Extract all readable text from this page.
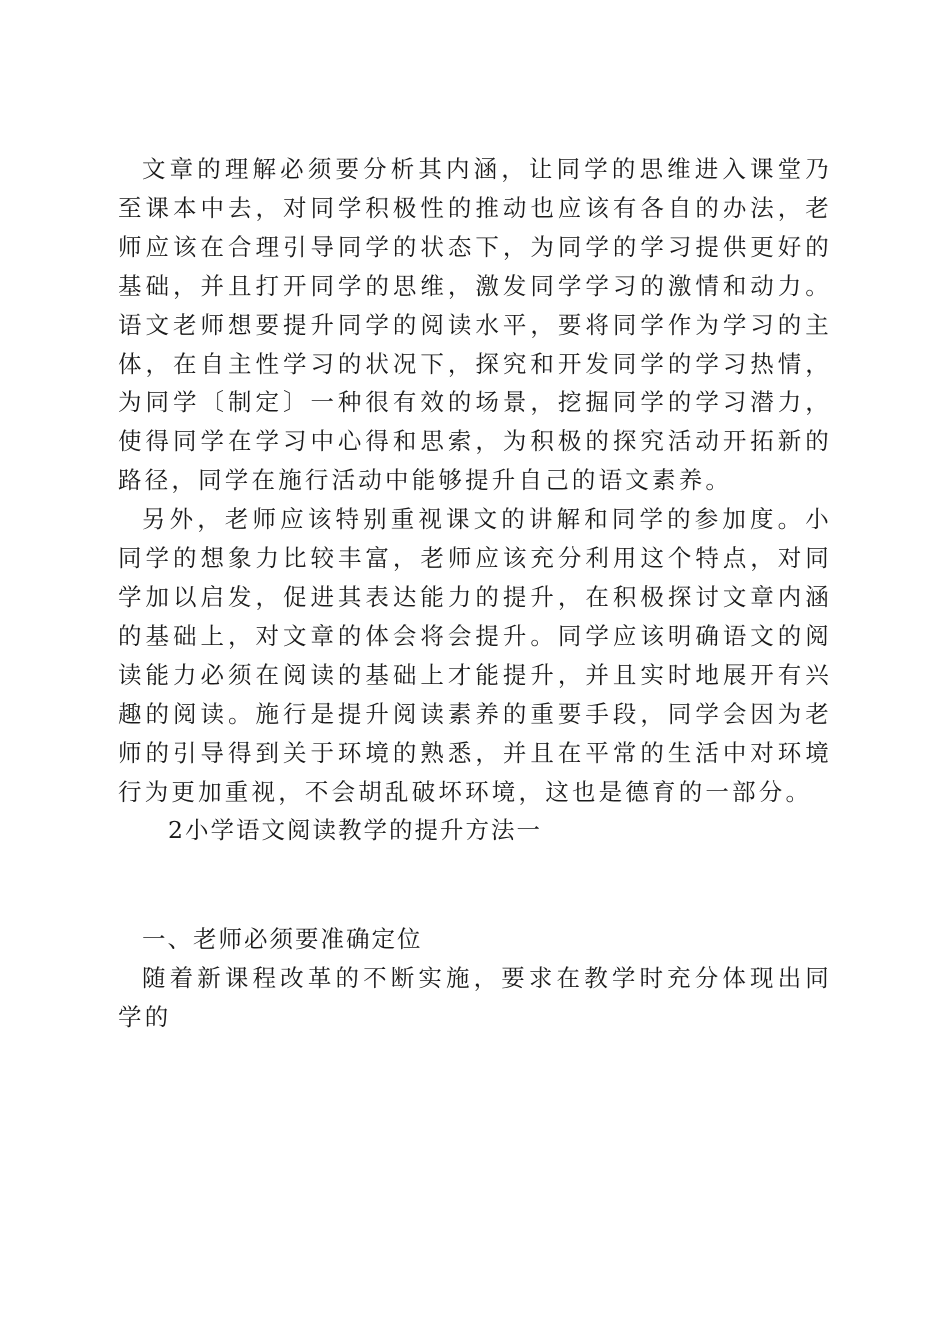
文章的理解必须要分析其内涵，让同学的思维进入课堂乃至课本中去，对同学积极性的推动也应该有各自的办法，老师应该在合理引导同学的状态下，为同学的学习提供更好的基础，并且打开同学的思维，激发同学学习的激情和动力。语文老师想要提升同学的阅读水平，要将同学作为学习的主体，在自主性学习的状况下，探究和开发同学的学习热情，为同学〔制定〕一种很有效的场景，挖掘同学的学习潜力，使得同学在学习中心得和思索，为积极的探究活动开拓新的路径，同学在施行活动中能够提升自己的语文素养。

另外，老师应该特别重视课文的讲解和同学的参加度。小同学的想象力比较丰富，老师应该充分利用这个特点，对同学加以启发，促进其表达能力的提升，在积极探讨文章内涵的基础上，对文章的体会将会提升。同学应该明确语文的阅读能力必须在阅读的基础上才能提升，并且实时地展开有兴趣的阅读。施行是提升阅读素养的重要手段，同学会因为老师的引导得到关于环境的熟悉，并且在平常的生活中对环境行为更加重视，不会胡乱破坏环境，这也是德育的一部分。

2小学语文阅读教学的提升方法一

一、老师必须要准确定位

随着新课程改革的不断实施，要求在教学时充分体现出同学的
